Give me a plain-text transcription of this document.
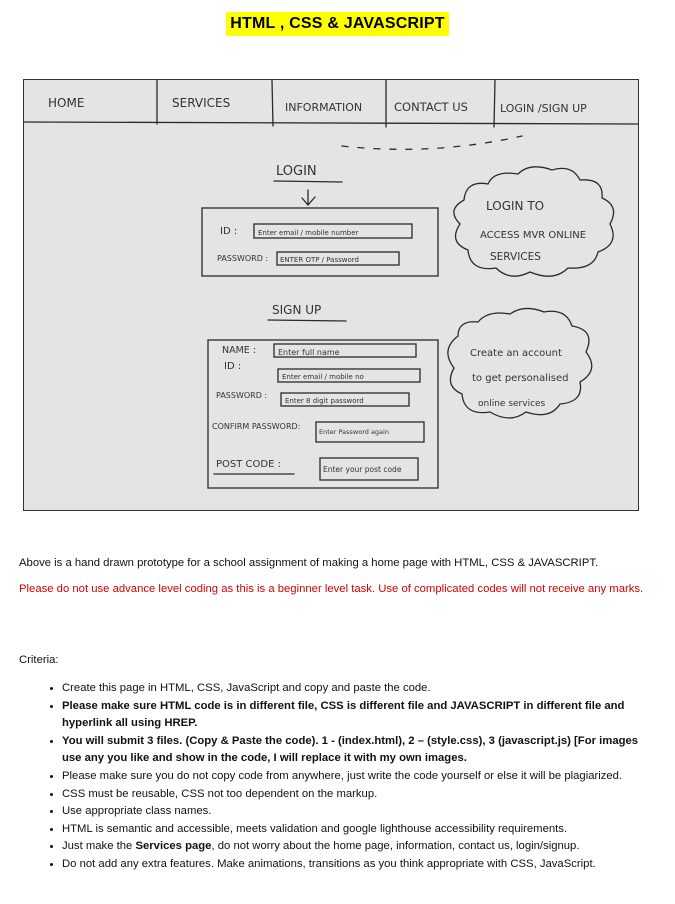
HTML , CSS & JAVASCRIPT
HOME	SERVICES	INFORMATION	CONTACT US	LOGIN /SIGN UP
LOGIN
ID :	Enter email / mobile number
PASSWORD : ENTER OTP / Password
LOGIN TO
ACCESS MVR ONLINE
SERVICES
SIGN UP
NAME :	Enter full name
ID :
Enter email / mobile no
PASSWORD :
Enter 8 digit password
CONFIRM PASSWORD:
Enter Password again
POST CODE :	Enter your post code
Create an account
to get personalised
online services
Above is a hand drawn prototype for a school assignment of making a home page with HTML, CSS & JAVASCRIPT.
Please do not use advance level coding as this is a beginner level task. Use of complicated codes will not receive any marks.
Criteria:
• Create this page in HTML, CSS, JavaScript and copy and paste the code.
• Please make sure HTML code is in different file, CSS is different file and JAVASCRIPT in different file and hyperlink all using HREP.
• You will submit 3 files. (Copy & Paste the code). 1 - (index.html), 2 – (style.css), 3 (javascript.js) [For images use any you like and show in the code, I will replace it with my own images.
• Please make sure you do not copy code from anywhere, just write the code yourself or else it will be plagiarized.
• CSS must be reusable, CSS not too dependent on the markup.
• Use appropriate class names.
• HTML is semantic and accessible, meets validation and google lighthouse accessibility requirements.
• Just make the Services page, do not worry about the home page, information, contact us, login/signup.
• Do not add any extra features. Make animations, transitions as you think appropriate with CSS, JavaScript.
